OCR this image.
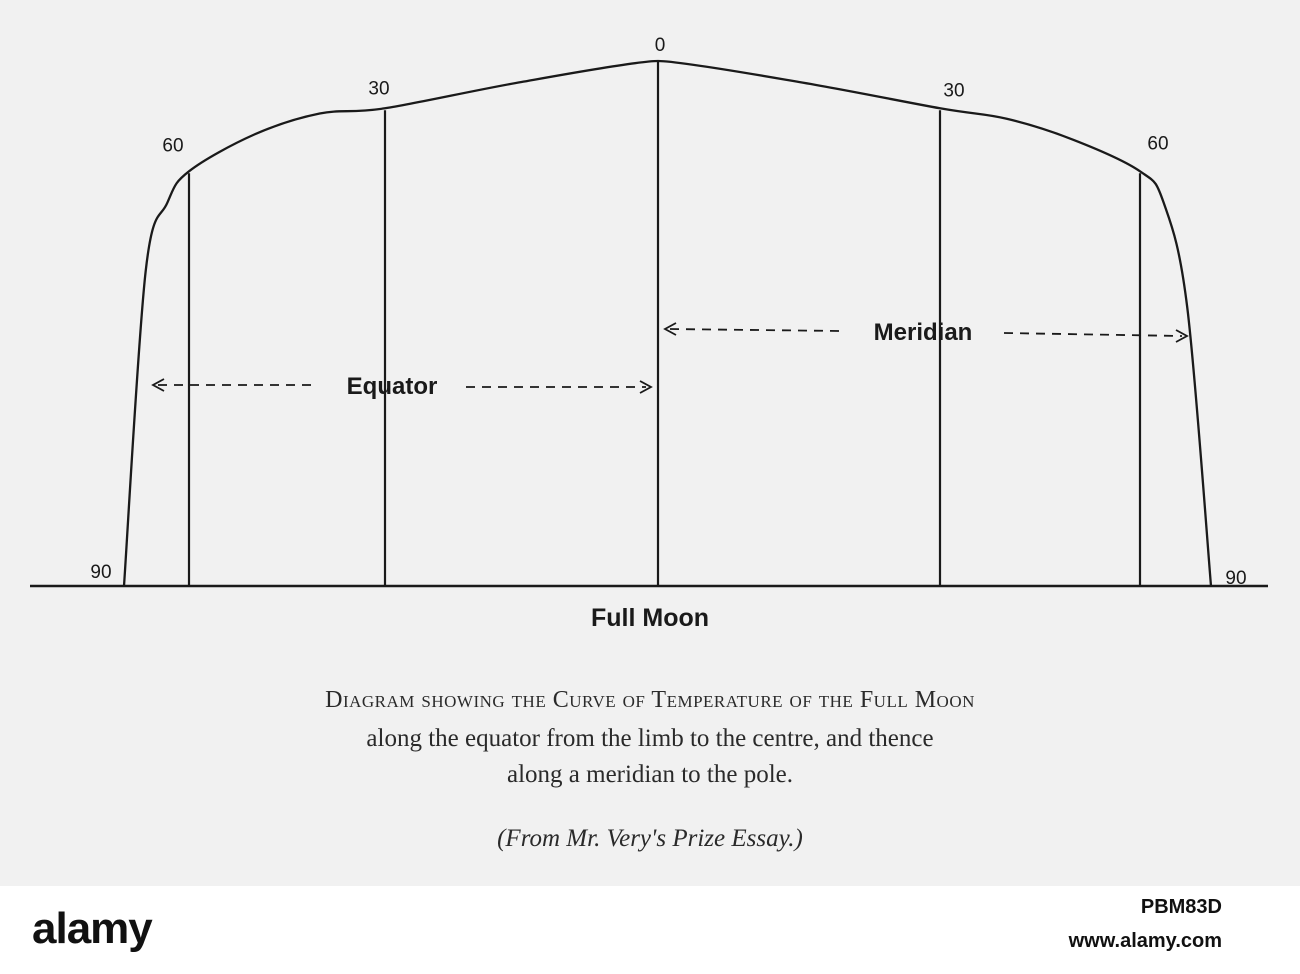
90
60
30
0
30
60
90
Equator
Meridian
Full Moon
Diagram showing the Curve of Temperature of the Full Moon
along the equator from the limb to the centre, and thence
along a meridian to the pole.
(From Mr. Very's Prize Essay.)
alamy	PBM83D
www.alamy.com
